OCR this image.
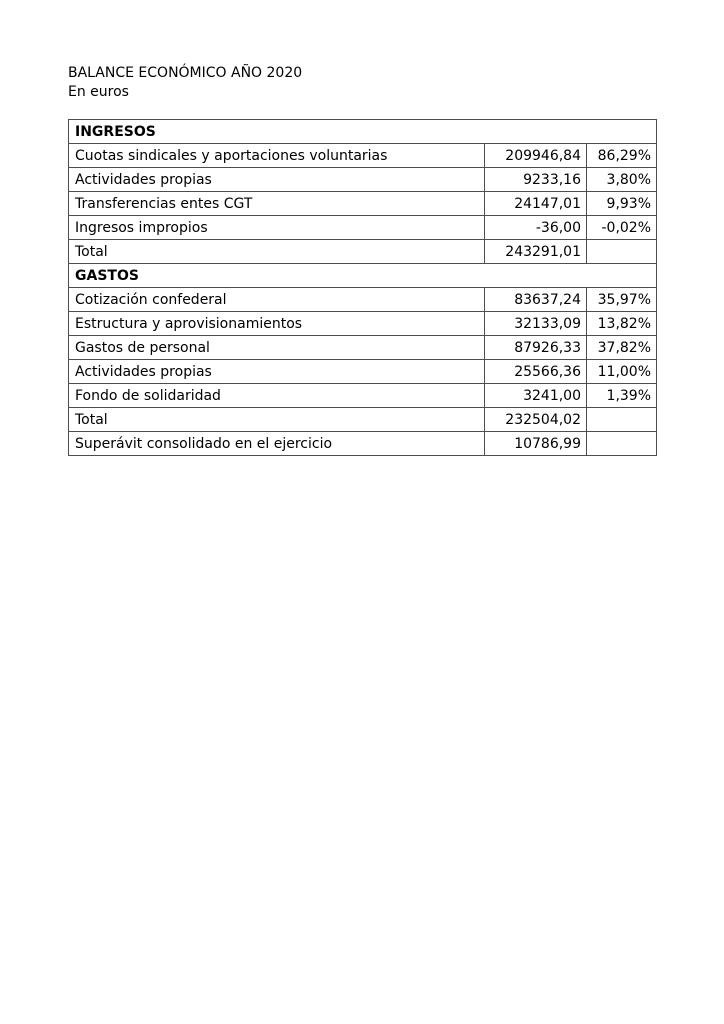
BALANCE ECONÓMICO AÑO 2020
En euros
INGRESOS		
Cuotas sindicales y aportaciones voluntarias	209946,84	86,29%
Actividades propias	9233,16	3,80%
Transferencias entes CGT	24147,01	9,93%
Ingresos impropios	-36,00	-0,02%
Total	243291,01	
GASTOS		
Cotización confederal	83637,24	35,97%
Estructura y aprovisionamientos	32133,09	13,82%
Gastos de personal	87926,33	37,82%
Actividades propias	25566,36	11,00%
Fondo de solidaridad	3241,00	1,39%
Total	232504,02	
Superávit consolidado en el ejercicio	10786,99	
